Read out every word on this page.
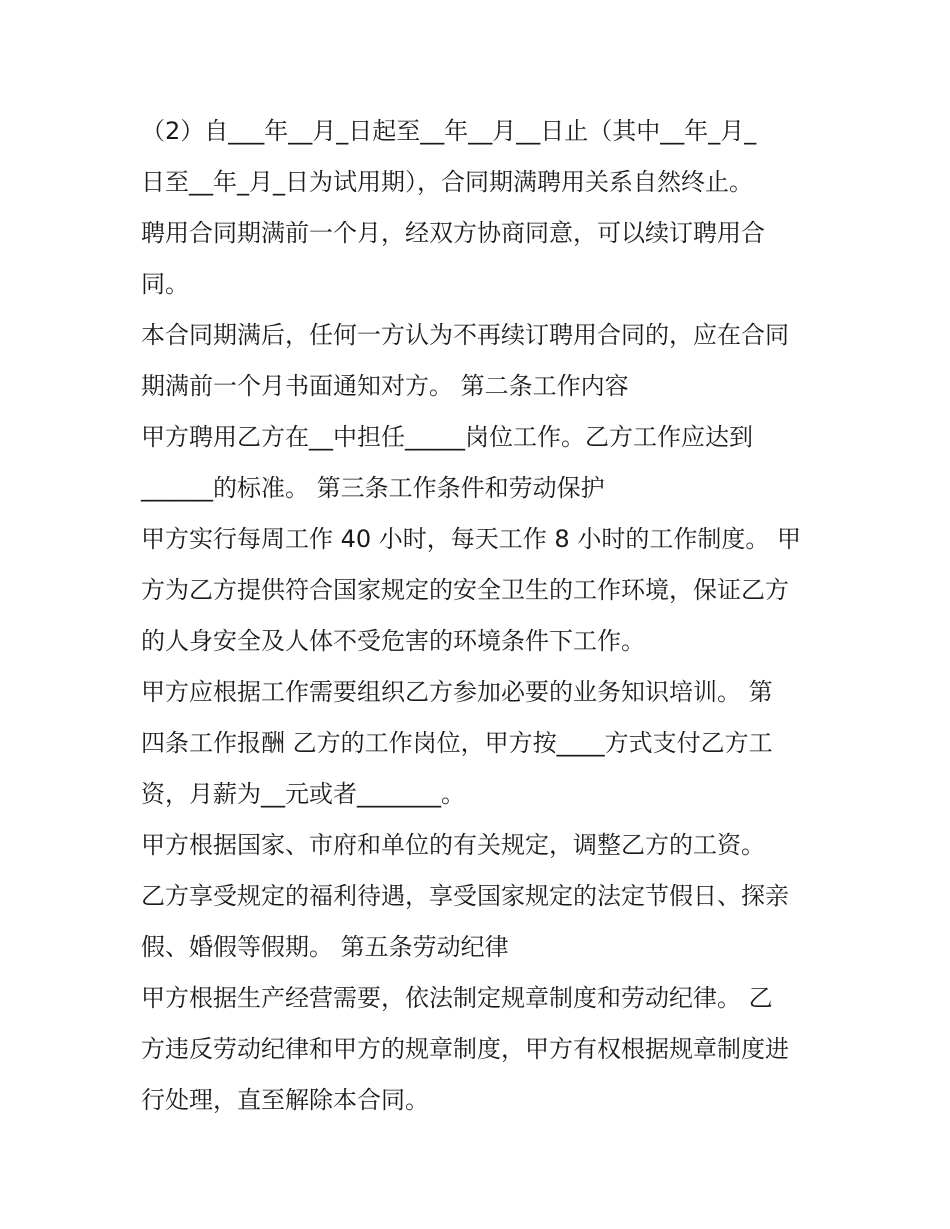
（2）自___年__月_日起至__年__月__日止（其中__年_月_

日至__年_月_日为试用期），合同期满聘用关系自然终止。

聘用合同期满前一个月，经双方协商同意，可以续订聘用合

同。

本合同期满后，任何一方认为不再续订聘用合同的，应在合同

期满前一个月书面通知对方。 第二条工作内容

甲方聘用乙方在__中担任_____岗位工作。乙方工作应达到

______的标准。 第三条工作条件和劳动保护

甲方实行每周工作 40 小时，每天工作 8 小时的工作制度。 甲

方为乙方提供符合国家规定的安全卫生的工作环境，保证乙方

的人身安全及人体不受危害的环境条件下工作。

甲方应根据工作需要组织乙方参加必要的业务知识培训。 第

四条工作报酬 乙方的工作岗位，甲方按____方式支付乙方工

资，月薪为__元或者_______。

甲方根据国家、市府和单位的有关规定，调整乙方的工资。

乙方享受规定的福利待遇，享受国家规定的法定节假日、探亲

假、婚假等假期。 第五条劳动纪律

甲方根据生产经营需要，依法制定规章制度和劳动纪律。 乙

方违反劳动纪律和甲方的规章制度，甲方有权根据规章制度进

行处理，直至解除本合同。
